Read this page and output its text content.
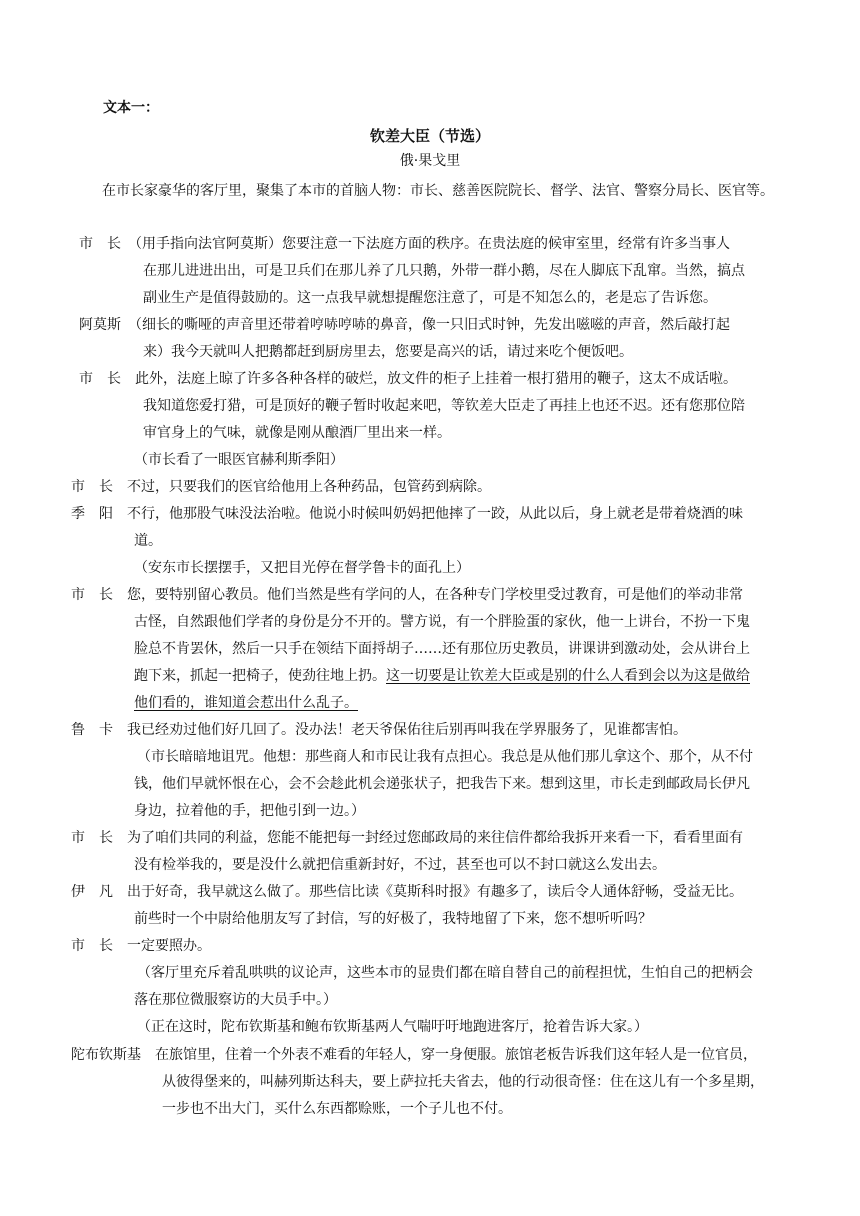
文本一：
钦差大臣（节选）
俄·果戈里
在市长家豪华的客厅里，聚集了本市的首脑人物：市长、慈善医院院长、督学、法官、警察分局长、医官等。
市　长　（用手指向法官阿莫斯）您要注意一下法庭方面的秩序。在贵法庭的候审室里，经常有许多当事人
在那儿进进出出，可是卫兵们在那儿养了几只鹅，外带一群小鹅，尽在人脚底下乱窜。当然，搞点
副业生产是值得鼓励的。这一点我早就想提醒您注意了，可是不知怎么的，老是忘了告诉您。
阿莫斯　（细长的嘶哑的声音里还带着哼哧哼哧的鼻音，像一只旧式时钟，先发出嗞嗞的声音，然后敲打起
来）我今天就叫人把鹅都赶到厨房里去，您要是高兴的话，请过来吃个便饭吧。
市　长　此外，法庭上晾了许多各种各样的破烂，放文件的柜子上挂着一根打猎用的鞭子，这太不成话啦。
我知道您爱打猎，可是顶好的鞭子暂时收起来吧，等钦差大臣走了再挂上也还不迟。还有您那位陪
审官身上的气味，就像是刚从酿酒厂里出来一样。
（市长看了一眼医官赫利斯季阳）
市　长　不过，只要我们的医官给他用上各种药品，包管药到病除。
季　阳　不行，他那股气味没法治啦。他说小时候叫奶妈把他摔了一跤，从此以后，身上就老是带着烧酒的味
道。
（安东市长摆摆手，又把目光停在督学鲁卡的面孔上）
市　长　您，要特别留心教员。他们当然是些有学问的人，在各种专门学校里受过教育，可是他们的举动非常
古怪，自然跟他们学者的身份是分不开的。譬方说，有一个胖脸蛋的家伙，他一上讲台，不扮一下鬼
脸总不肯罢休，然后一只手在领结下面捋胡子……还有那位历史教员，讲课讲到激动处，会从讲台上
跑下来，抓起一把椅子，使劲往地上扔。这一切要是让钦差大臣或是别的什么人看到会以为这是做给
他们看的，谁知道会惹出什么乱子。
鲁　卡　我已经劝过他们好几回了。没办法！老天爷保佑往后别再叫我在学界服务了，见谁都害怕。
（市长暗暗地诅咒。他想：那些商人和市民让我有点担心。我总是从他们那儿拿这个、那个，从不付
钱，他们早就怀恨在心，会不会趁此机会递张状子，把我告下来。想到这里，市长走到邮政局长伊凡
身边，拉着他的手，把他引到一边。）
市　长　为了咱们共同的利益，您能不能把每一封经过您邮政局的来往信件都给我拆开来看一下，看看里面有
没有检举我的，要是没什么就把信重新封好，不过，甚至也可以不封口就这么发出去。
伊　凡　出于好奇，我早就这么做了。那些信比读《莫斯科时报》有趣多了，读后令人通体舒畅，受益无比。
前些时一个中尉给他朋友写了封信，写的好极了，我特地留了下来，您不想听听吗？
市　长　一定要照办。
（客厅里充斥着乱哄哄的议论声，这些本市的显贵们都在暗自替自己的前程担忧，生怕自己的把柄会
落在那位微服察访的大员手中。）
（正在这时，陀布钦斯基和鲍布钦斯基两人气喘吁吁地跑进客厅，抢着告诉大家。）
陀布钦斯基　在旅馆里，住着一个外表不难看的年轻人，穿一身便服。旅馆老板告诉我们这年轻人是一位官员，
从彼得堡来的，叫赫列斯达科夫，要上萨拉托夫省去，他的行动很奇怪：住在这儿有一个多星期，
一步也不出大门，买什么东西都赊账，一个子儿也不付。
